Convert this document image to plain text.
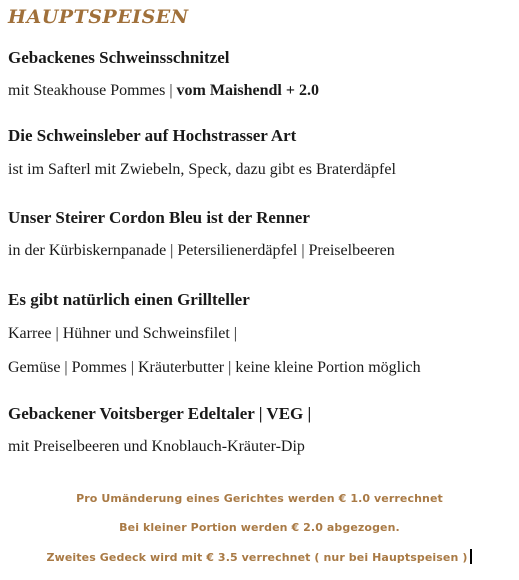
HAUPTSPEISEN
Gebackenes Schweinsschnitzel
mit Steakhouse Pommes | vom Maishendl + 2.0
Die Schweinsleber auf Hochstrasser Art
ist im Safterl mit Zwiebeln, Speck, dazu gibt es Braterdäpfel
Unser Steirer Cordon Bleu ist der Renner
in der Kürbiskernpanade | Petersilienerdäpfel | Preiselbeeren
Es gibt natürlich einen Grillteller
Karree | Hühner und Schweinsfilet |
Gemüse | Pommes | Kräuterbutter | keine kleine Portion möglich
Gebackener Voitsberger Edeltaler | VEG |
mit Preiselbeeren und Knoblauch-Kräuter-Dip
Pro Umänderung eines Gerichtes werden € 1.0 verrechnet
Bei kleiner Portion werden € 2.0 abgezogen.
Zweites Gedeck wird mit € 3.5 verrechnet ( nur bei Hauptspeisen )
